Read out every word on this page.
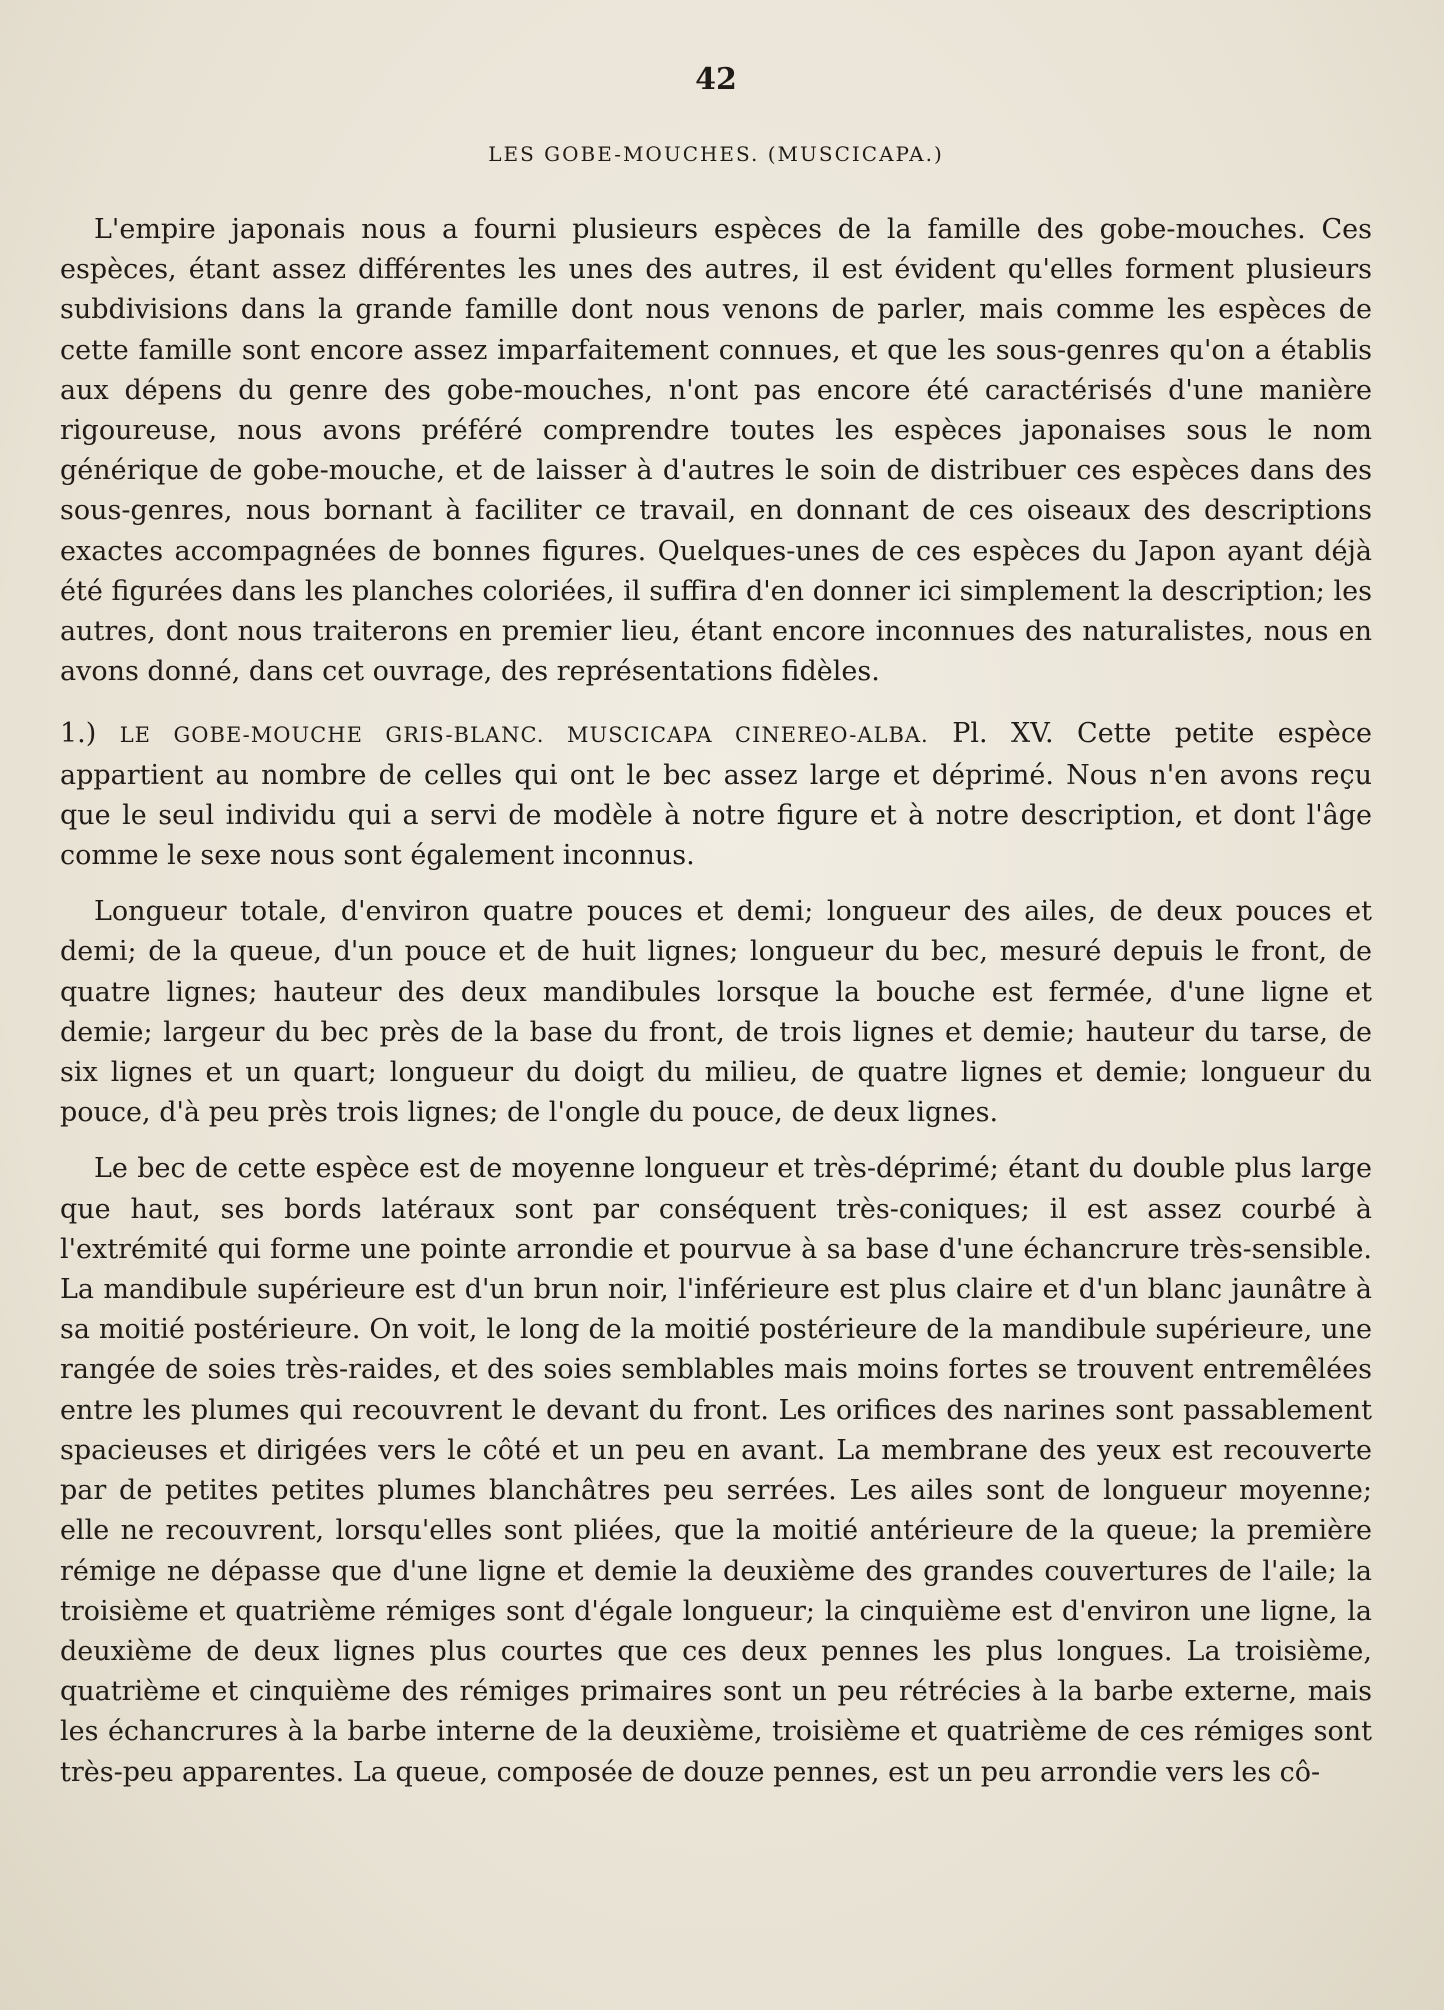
42
LES GOBE-MOUCHES. (MUSCICAPA.)

L'empire japonais nous a fourni plusieurs espèces de la famille des gobe-mouches. Ces espèces, étant assez différentes les unes des autres, il est évident qu'elles forment plusieurs subdivisions dans la grande famille dont nous venons de parler, mais comme les espèces de cette famille sont encore assez imparfaitement connues, et que les sous-genres qu'on a établis aux dépens du genre des gobe-mouches, n'ont pas encore été caractérisés d'une manière rigoureuse, nous avons préféré comprendre toutes les espèces japonaises sous le nom générique de gobe-mouche, et de laisser à d'autres le soin de distribuer ces espèces dans des sous-genres, nous bornant à faciliter ce travail, en donnant de ces oiseaux des descriptions exactes accompagnées de bonnes figures. Quelques-unes de ces espèces du Japon ayant déjà été figurées dans les planches coloriées, il suffira d'en donner ici simplement la description; les autres, dont nous traiterons en premier lieu, étant encore inconnues des naturalistes, nous en avons donné, dans cet ouvrage, des représentations fidèles.

1.) LE GOBE-MOUCHE GRIS-BLANC. MUSCICAPA CINEREO-ALBA. Pl. XV. Cette petite espèce appartient au nombre de celles qui ont le bec assez large et déprimé. Nous n'en avons reçu que le seul individu qui a servi de modèle à notre figure et à notre description, et dont l'âge comme le sexe nous sont également inconnus.

Longueur totale, d'environ quatre pouces et demi; longueur des ailes, de deux pouces et demi; de la queue, d'un pouce et de huit lignes; longueur du bec, mesuré depuis le front, de quatre lignes; hauteur des deux mandibules lorsque la bouche est fermée, d'une ligne et demie; largeur du bec près de la base du front, de trois lignes et demie; hauteur du tarse, de six lignes et un quart; longueur du doigt du milieu, de quatre lignes et demie; longueur du pouce, d'à peu près trois lignes; de l'ongle du pouce, de deux lignes.

Le bec de cette espèce est de moyenne longueur et très-déprimé; étant du double plus large que haut, ses bords latéraux sont par conséquent très-coniques; il est assez courbé à l'extrémité qui forme une pointe arrondie et pourvue à sa base d'une échancrure très-sensible. La mandibule supérieure est d'un brun noir, l'inférieure est plus claire et d'un blanc jaunâtre à sa moitié postérieure. On voit, le long de la moitié postérieure de la mandibule supérieure, une rangée de soies très-raides, et des soies semblables mais moins fortes se trouvent entremêlées entre les plumes qui recouvrent le devant du front. Les orifices des narines sont passablement spacieuses et dirigées vers le côté et un peu en avant. La membrane des yeux est recouverte par de petites petites plumes blanchâtres peu serrées. Les ailes sont de longueur moyenne; elle ne recouvrent, lorsqu'elles sont pliées, que la moitié antérieure de la queue; la première rémige ne dépasse que d'une ligne et demie la deuxième des grandes couvertures de l'aile; la troisième et quatrième rémiges sont d'égale longueur; la cinquième est d'environ une ligne, la deuxième de deux lignes plus courtes que ces deux pennes les plus longues. La troisième, quatrième et cinquième des rémiges primaires sont un peu rétrécies à la barbe externe, mais les échancrures à la barbe interne de la deuxième, troisième et quatrième de ces rémiges sont très-peu apparentes. La queue, composée de douze pennes, est un peu arrondie vers les cô-
